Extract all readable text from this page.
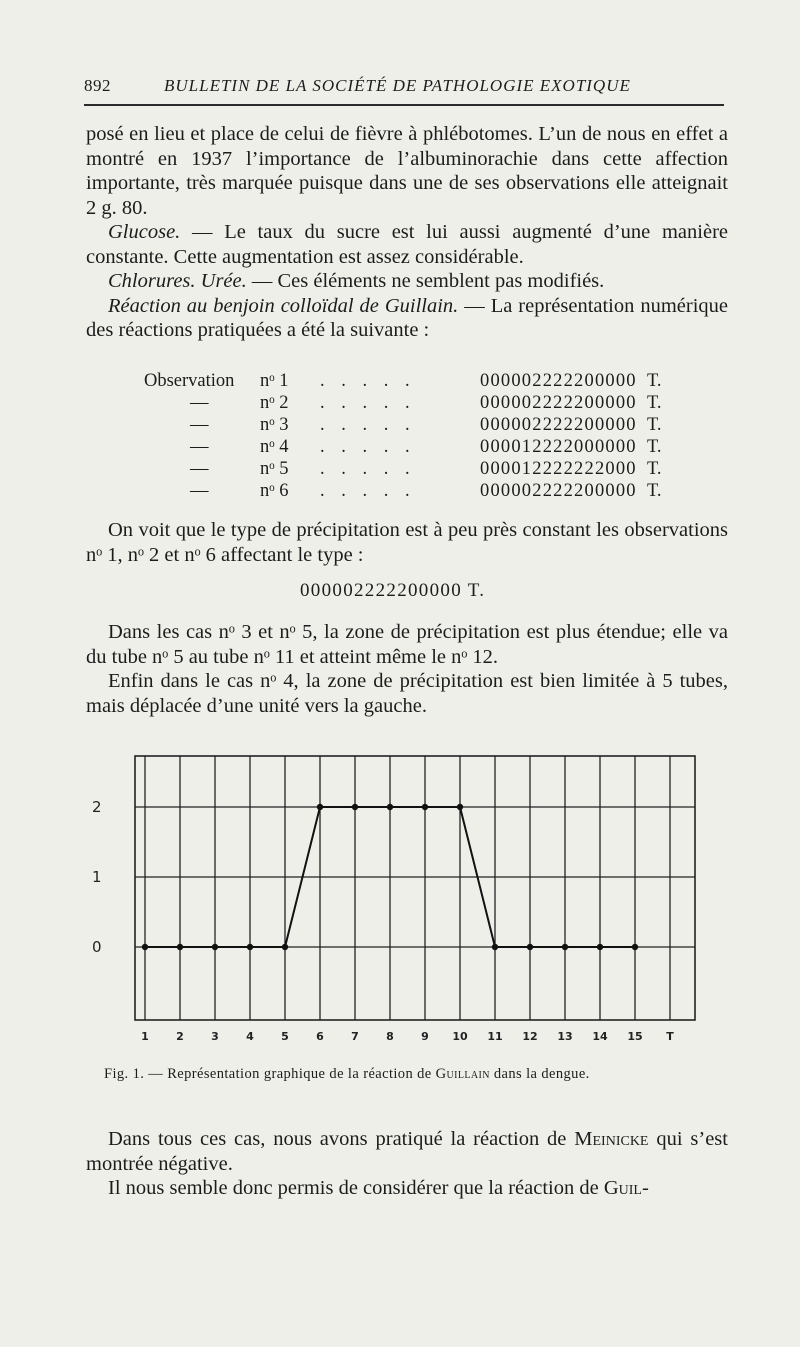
892	BULLETIN DE LA SOCIÉTÉ DE PATHOLOGIE EXOTIQUE

posé en lieu et place de celui de fièvre à phlébotomes. L’un de nous en effet a montré en 1937 l’importance de l’albuminorachie dans cette affection importante, très marquée puisque dans une de ses observations elle atteignait 2 g. 80.

Glucose. — Le taux du sucre est lui aussi augmenté d’une manière constante. Cette augmentation est assez considérable.

Chlorures. Urée. — Ces éléments ne semblent pas modifiés.

Réaction au benjoin colloïdal de Guillain. — La représentation numérique des réactions pratiquées a été la suivante :

Observation nᵒ 1 . . . . .	000002222200000 T.
—	nᵒ 2 . . . . .	000002222200000 T.
—	nᵒ 3 . . . . .	000002222200000 T.
—	nᵒ 4 . . . . .	000012222000000 T.
—	nᵒ 5 . . . . .	000012222222000 T.
—	nᵒ 6 . . . . .	000002222200000 T.

On voit que le type de précipitation est à peu près constant les observations nᵒ 1, nᵒ 2 et nᵒ 6 affectant le type :

000002222200000 T.

Dans les cas nᵒ 3 et nᵒ 5, la zone de précipitation est plus étendue; elle va du tube nᵒ 5 au tube nᵒ 11 et atteint même le nᵒ 12.

Enfin dans le cas nᵒ 4, la zone de précipitation est bien limitée à 5 tubes, mais déplacée d’une unité vers la gauche.

0
1
2
1 2 3 4 5 6 7 8 9 10 11 12 13 14 15 T
Fig. 1. — Représentation graphique de la réaction de Guillain dans la dengue.

Dans tous ces cas, nous avons pratiqué la réaction de Meinicke qui s’est montrée négative.

Il nous semble donc permis de considérer que la réaction de Guil-
